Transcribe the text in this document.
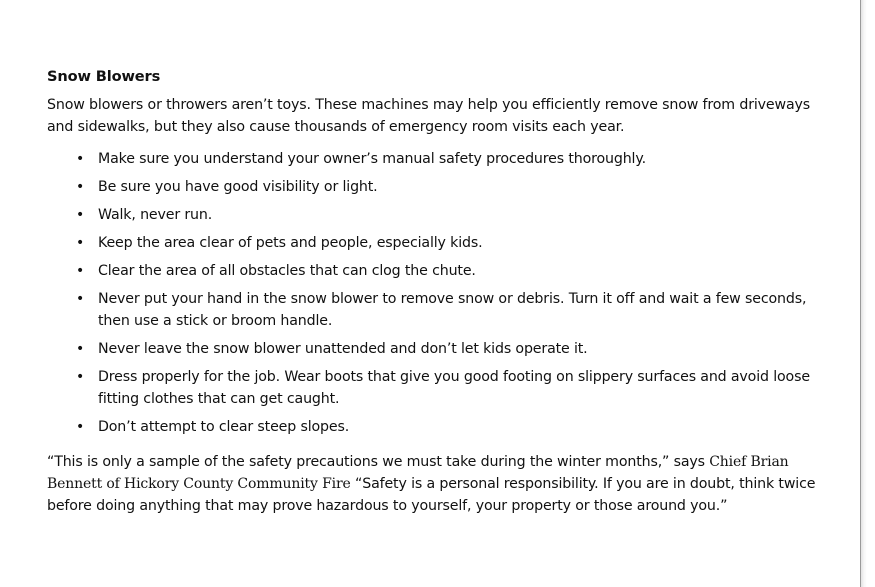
Snow Blowers

Snow blowers or throwers aren’t toys. These machines may help you efficiently remove snow from driveways and sidewalks, but they also cause thousands of emergency room visits each year.

• Make sure you understand your owner’s manual safety procedures thoroughly.
• Be sure you have good visibility or light.
• Walk, never run.
• Keep the area clear of pets and people, especially kids.
• Clear the area of all obstacles that can clog the chute.
• Never put your hand in the snow blower to remove snow or debris. Turn it off and wait a few seconds, then use a stick or broom handle.
• Never leave the snow blower unattended and don’t let kids operate it.
• Dress properly for the job. Wear boots that give you good footing on slippery surfaces and avoid loose fitting clothes that can get caught.
• Don’t attempt to clear steep slopes.

“This is only a sample of the safety precautions we must take during the winter months,” says Chief Brian Bennett of Hickory County Community Fire “Safety is a personal responsibility. If you are in doubt, think twice before doing anything that may prove hazardous to yourself, your property or those around you.”
